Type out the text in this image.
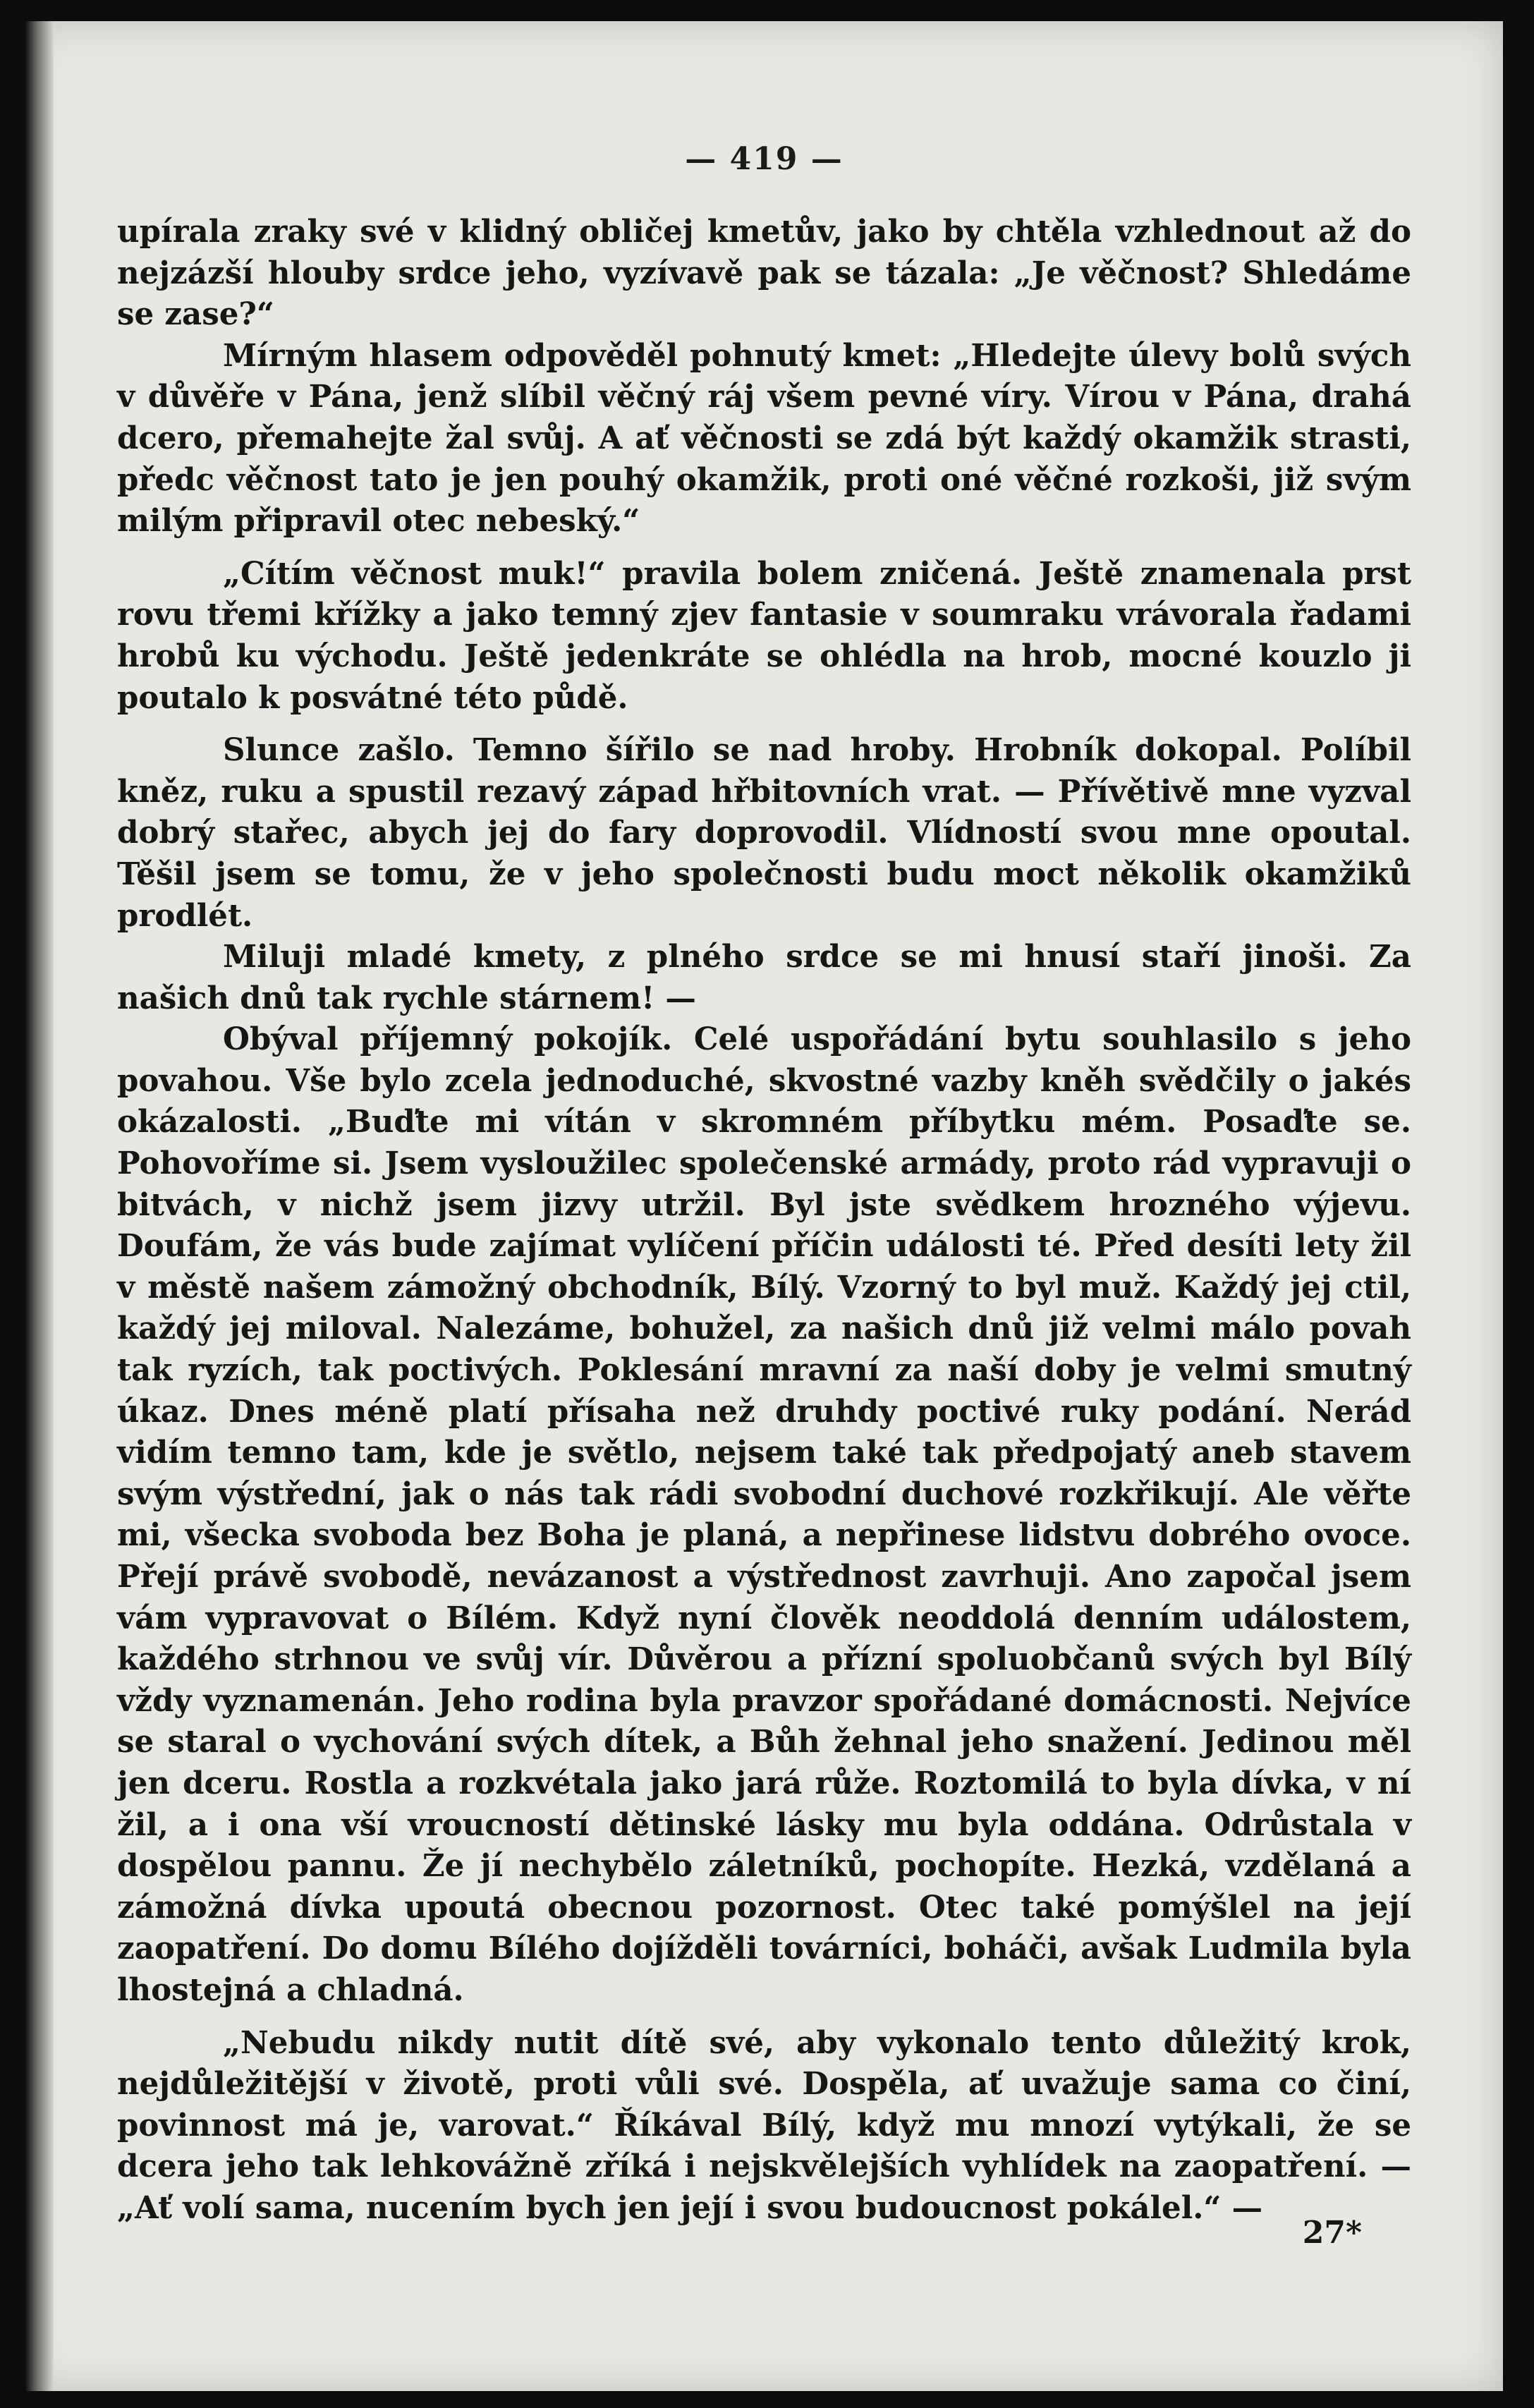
— 419 —

upírala zraky své v klidný obličej kmetův, jako by chtěla vzhlednout až do nejzázší hlouby srdce jeho, vyzívavě pak se tázala: „Je věčnost? Shledáme se zase?“

Mírným hlasem odpověděl pohnutý kmet: „Hledejte úlevy bolů svých v důvěře v Pána, jenž slíbil věčný ráj všem pevné víry. Vírou v Pána, drahá dcero, přemahejte žal svůj. A ať věčnosti se zdá být každý okamžik strasti, předc věčnost tato je jen pouhý okamžik, proti oné věčné rozkoši, již svým milým připravil otec nebeský.“

„Cítím věčnost muk!“ pravila bolem zničená. Ještě znamenala prst rovu třemi křížky a jako temný zjev fantasie v soumraku vrávorala řadami hrobů ku východu. Ještě jedenkráte se ohlédla na hrob, mocné kouzlo ji poutalo k posvátné této půdě.

Slunce zašlo. Temno šířilo se nad hroby. Hrobník dokopal. Políbil kněz, ruku a spustil rezavý západ hřbitovních vrat. — Přívětivě mne vyzval dobrý stařec, abych jej do fary doprovodil. Vlídností svou mne opoutal. Těšil jsem se tomu, že v jeho společnosti budu moct několik okamžiků prodlét.

Miluji mladé kmety, z plného srdce se mi hnusí staří jinoši. Za našich dnů tak rychle stárnem! —

Obýval příjemný pokojík. Celé uspořádání bytu souhlasilo s jeho povahou. Vše bylo zcela jednoduché, skvostné vazby kněh svědčily o jakés okázalosti. „Buďte mi vítán v skromném příbytku mém. Posaďte se. Pohovoříme si. Jsem vysloužilec společenské armády, proto rád vypravuji o bitvách, v nichž jsem jizvy utržil. Byl jste svědkem hrozného výjevu. Doufám, že vás bude zajímat vylíčení příčin události té. Před desíti lety žil v městě našem zámožný obchodník, Bílý. Vzorný to byl muž. Každý jej ctil, každý jej miloval. Nalezáme, bohužel, za našich dnů již velmi málo povah tak ryzích, tak poctivých. Poklesání mravní za naší doby je velmi smutný úkaz. Dnes méně platí přísaha než druhdy poctivé ruky podání. Nerád vidím temno tam, kde je světlo, nejsem také tak předpojatý aneb stavem svým výstřední, jak o nás tak rádi svobodní duchové rozkřikují. Ale věřte mi, všecka svoboda bez Boha je planá, a nepřinese lidstvu dobrého ovoce. Přejí právě svobodě, nevázanost a výstřednost zavrhuji. Ano započal jsem vám vypravovat o Bílém. Když nyní člověk neoddolá denním událostem, každého strhnou ve svůj vír. Důvěrou a přízní spoluobčanů svých byl Bílý vždy vyznamenán. Jeho rodina byla pravzor spořádané domácnosti. Nejvíce se staral o vychování svých dítek, a Bůh žehnal jeho snažení. Jedinou měl jen dceru. Rostla a rozkvétala jako jará růže. Roztomilá to byla dívka, v ní žil, a i ona vší vroucností dětinské lásky mu byla oddána. Odrůstala v dospělou pannu. Že jí nechybělo záletníků, pochopíte. Hezká, vzdělaná a zámožná dívka upoutá obecnou pozornost. Otec také pomýšlel na její zaopatření. Do domu Bílého dojížděli továrníci, boháči, avšak Ludmila byla lhostejná a chladná.

„Nebudu nikdy nutit dítě své, aby vykonalo tento důležitý krok, nejdůležitější v životě, proti vůli své. Dospěla, ať uvažuje sama co činí, povinnost má je, varovat.“ Říkával Bílý, když mu mnozí vytýkali, že se dcera jeho tak lehkovážně zříká i nejskvělejších vyhlídek na zaopatření. — „Ať volí sama, nucením bych jen její i svou budoucnost pokálel.“ —

27*
